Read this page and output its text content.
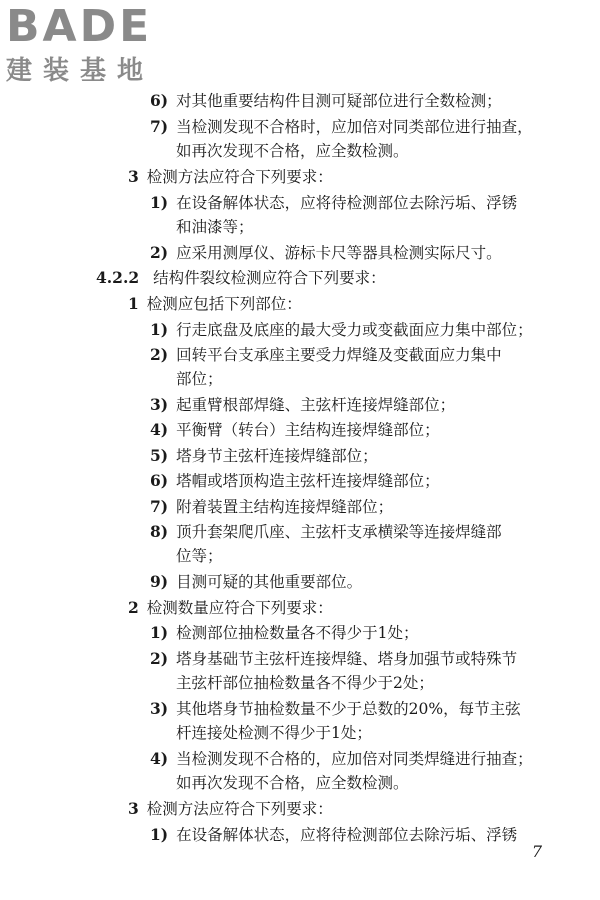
BADE
建装基地
6) 对其他重要结构件目测可疑部位进行全数检测；
7) 当检测发现不合格时，应加倍对同类部位进行抽查，
如再次发现不合格，应全数检测。
3 检测方法应符合下列要求：
1) 在设备解体状态，应将待检测部位去除污垢、浮锈
和油漆等；
2) 应采用测厚仪、游标卡尺等器具检测实际尺寸。
4.2.2 结构件裂纹检测应符合下列要求：
1 检测应包括下列部位：
1) 行走底盘及底座的最大受力或变截面应力集中部位；
2) 回转平台支承座主要受力焊缝及变截面应力集中
部位；
3) 起重臂根部焊缝、主弦杆连接焊缝部位；
4) 平衡臂（转台）主结构连接焊缝部位；
5) 塔身节主弦杆连接焊缝部位；
6) 塔帽或塔顶构造主弦杆连接焊缝部位；
7) 附着装置主结构连接焊缝部位；
8) 顶升套架爬爪座、主弦杆支承横梁等连接焊缝部
位等；
9) 目测可疑的其他重要部位。
2 检测数量应符合下列要求：
1) 检测部位抽检数量各不得少于1处；
2) 塔身基础节主弦杆连接焊缝、塔身加强节或特殊节
主弦杆部位抽检数量各不得少于2处；
3) 其他塔身节抽检数量不少于总数的20%，每节主弦
杆连接处检测不得少于1处；
4) 当检测发现不合格的，应加倍对同类焊缝进行抽查；
如再次发现不合格，应全数检测。
3 检测方法应符合下列要求：
1) 在设备解体状态，应将待检测部位去除污垢、浮锈
7
